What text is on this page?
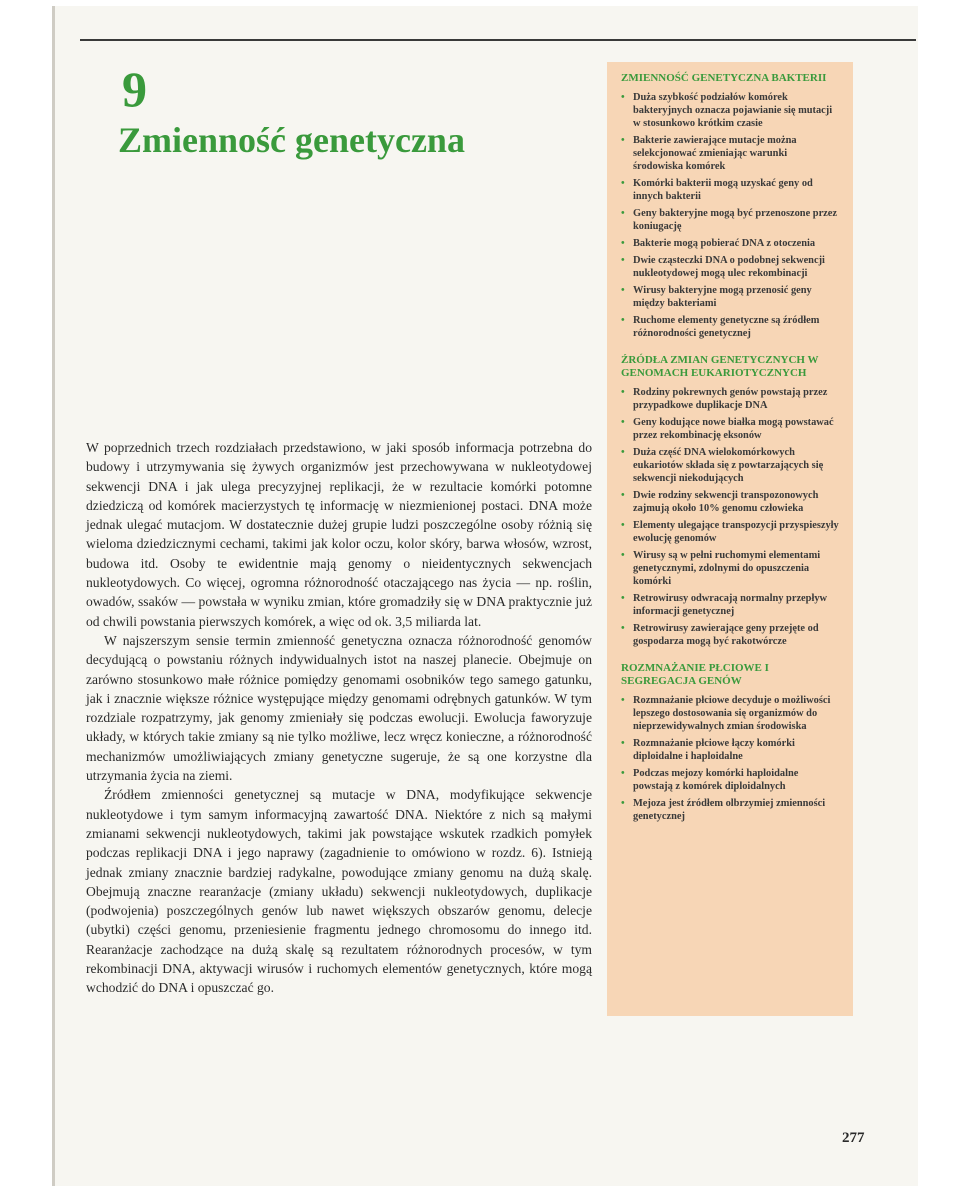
9
Zmienność genetyczna

W poprzednich trzech rozdziałach przedstawiono, w jaki sposób informacja potrzebna do budowy i utrzymywania się żywych organizmów jest przechowywana w nukleotydowej sekwencji DNA i jak ulega precyzyjnej replikacji, że w rezultacie komórki potomne dziedziczą od komórek macierzystych tę informację w niezmienionej postaci. DNA może jednak ulegać mutacjom. W dostatecznie dużej grupie ludzi poszczególne osoby różnią się wieloma dziedzicznymi cechami, takimi jak kolor oczu, kolor skóry, barwa włosów, wzrost, budowa itd. Osoby te ewidentnie mają genomy o nieidentycznych sekwencjach nukleotydowych. Co więcej, ogromna różnorodność otaczającego nas życia — np. roślin, owadów, ssaków — powstała w wyniku zmian, które gromadziły się w DNA praktycznie już od chwili powstania pierwszych komórek, a więc od ok. 3,5 miliarda lat.

W najszerszym sensie termin zmienność genetyczna oznacza różnorodność genomów decydującą o powstaniu różnych indywidualnych istot na naszej planecie. Obejmuje on zarówno stosunkowo małe różnice pomiędzy genomami osobników tego samego gatunku, jak i znacznie większe różnice występujące między genomami odrębnych gatunków. W tym rozdziale rozpatrzymy, jak genomy zmieniały się podczas ewolucji. Ewolucja faworyzuje układy, w których takie zmiany są nie tylko możliwe, lecz wręcz konieczne, a różnorodność mechanizmów umożliwiających zmiany genetyczne sugeruje, że są one korzystne dla utrzymania życia na ziemi.

Źródłem zmienności genetycznej są mutacje w DNA, modyfikujące sekwencje nukleotydowe i tym samym informacyjną zawartość DNA. Niektóre z nich są małymi zmianami sekwencji nukleotydowych, takimi jak powstające wskutek rzadkich pomyłek podczas replikacji DNA i jego naprawy (zagadnienie to omówiono w rozdz. 6). Istnieją jednak zmiany znacznie bardziej radykalne, powodujące zmiany genomu na dużą skalę. Obejmują znaczne rearanżacje (zmiany układu) sekwencji nukleotydowych, duplikacje (podwojenia) poszczególnych genów lub nawet większych obszarów genomu, delecje (ubytki) części genomu, przeniesienie fragmentu jednego chromosomu do innego itd. Rearanżacje zachodzące na dużą skalę są rezultatem różnorodnych procesów, w tym rekombinacji DNA, aktywacji wirusów i ruchomych elementów genetycznych, które mogą wchodzić do DNA i opuszczać go.

ZMIENNOŚĆ GENETYCZNA BAKTERII
• Duża szybkość podziałów komórek bakteryjnych oznacza pojawianie się mutacji w stosunkowo krótkim czasie
• Bakterie zawierające mutacje można selekcjonować zmieniając warunki środowiska komórek
• Komórki bakterii mogą uzyskać geny od innych bakterii
• Geny bakteryjne mogą być przenoszone przez koniugację
• Bakterie mogą pobierać DNA z otoczenia
• Dwie cząsteczki DNA o podobnej sekwencji nukleotydowej mogą ulec rekombinacji
• Wirusy bakteryjne mogą przenosić geny między bakteriami
• Ruchome elementy genetyczne są źródłem różnorodności genetycznej
ŹRÓDŁA ZMIAN GENETYCZNYCH W GENOMACH EUKARIOTYCZNYCH
• Rodziny pokrewnych genów powstają przez przypadkowe duplikacje DNA
• Geny kodujące nowe białka mogą powstawać przez rekombinację eksonów
• Duża część DNA wielokomórkowych eukariotów składa się z powtarzających się sekwencji niekodujących
• Dwie rodziny sekwencji transpozonowych zajmują około 10% genomu człowieka
• Elementy ulegające transpozycji przyspieszyły ewolucję genomów
• Wirusy są w pełni ruchomymi elementami genetycznymi, zdolnymi do opuszczenia komórki
• Retrowirusy odwracają normalny przepływ informacji genetycznej
• Retrowirusy zawierające geny przejęte od gospodarza mogą być rakotwórcze
ROZMNAŻANIE PŁCIOWE I SEGREGACJA GENÓW
• Rozmnażanie płciowe decyduje o możliwości lepszego dostosowania się organizmów do nieprzewidywalnych zmian środowiska
• Rozmnażanie płciowe łączy komórki diploidalne i haploidalne
• Podczas mejozy komórki haploidalne powstają z komórek diploidalnych
• Mejoza jest źródłem olbrzymiej zmienności genetycznej
277
